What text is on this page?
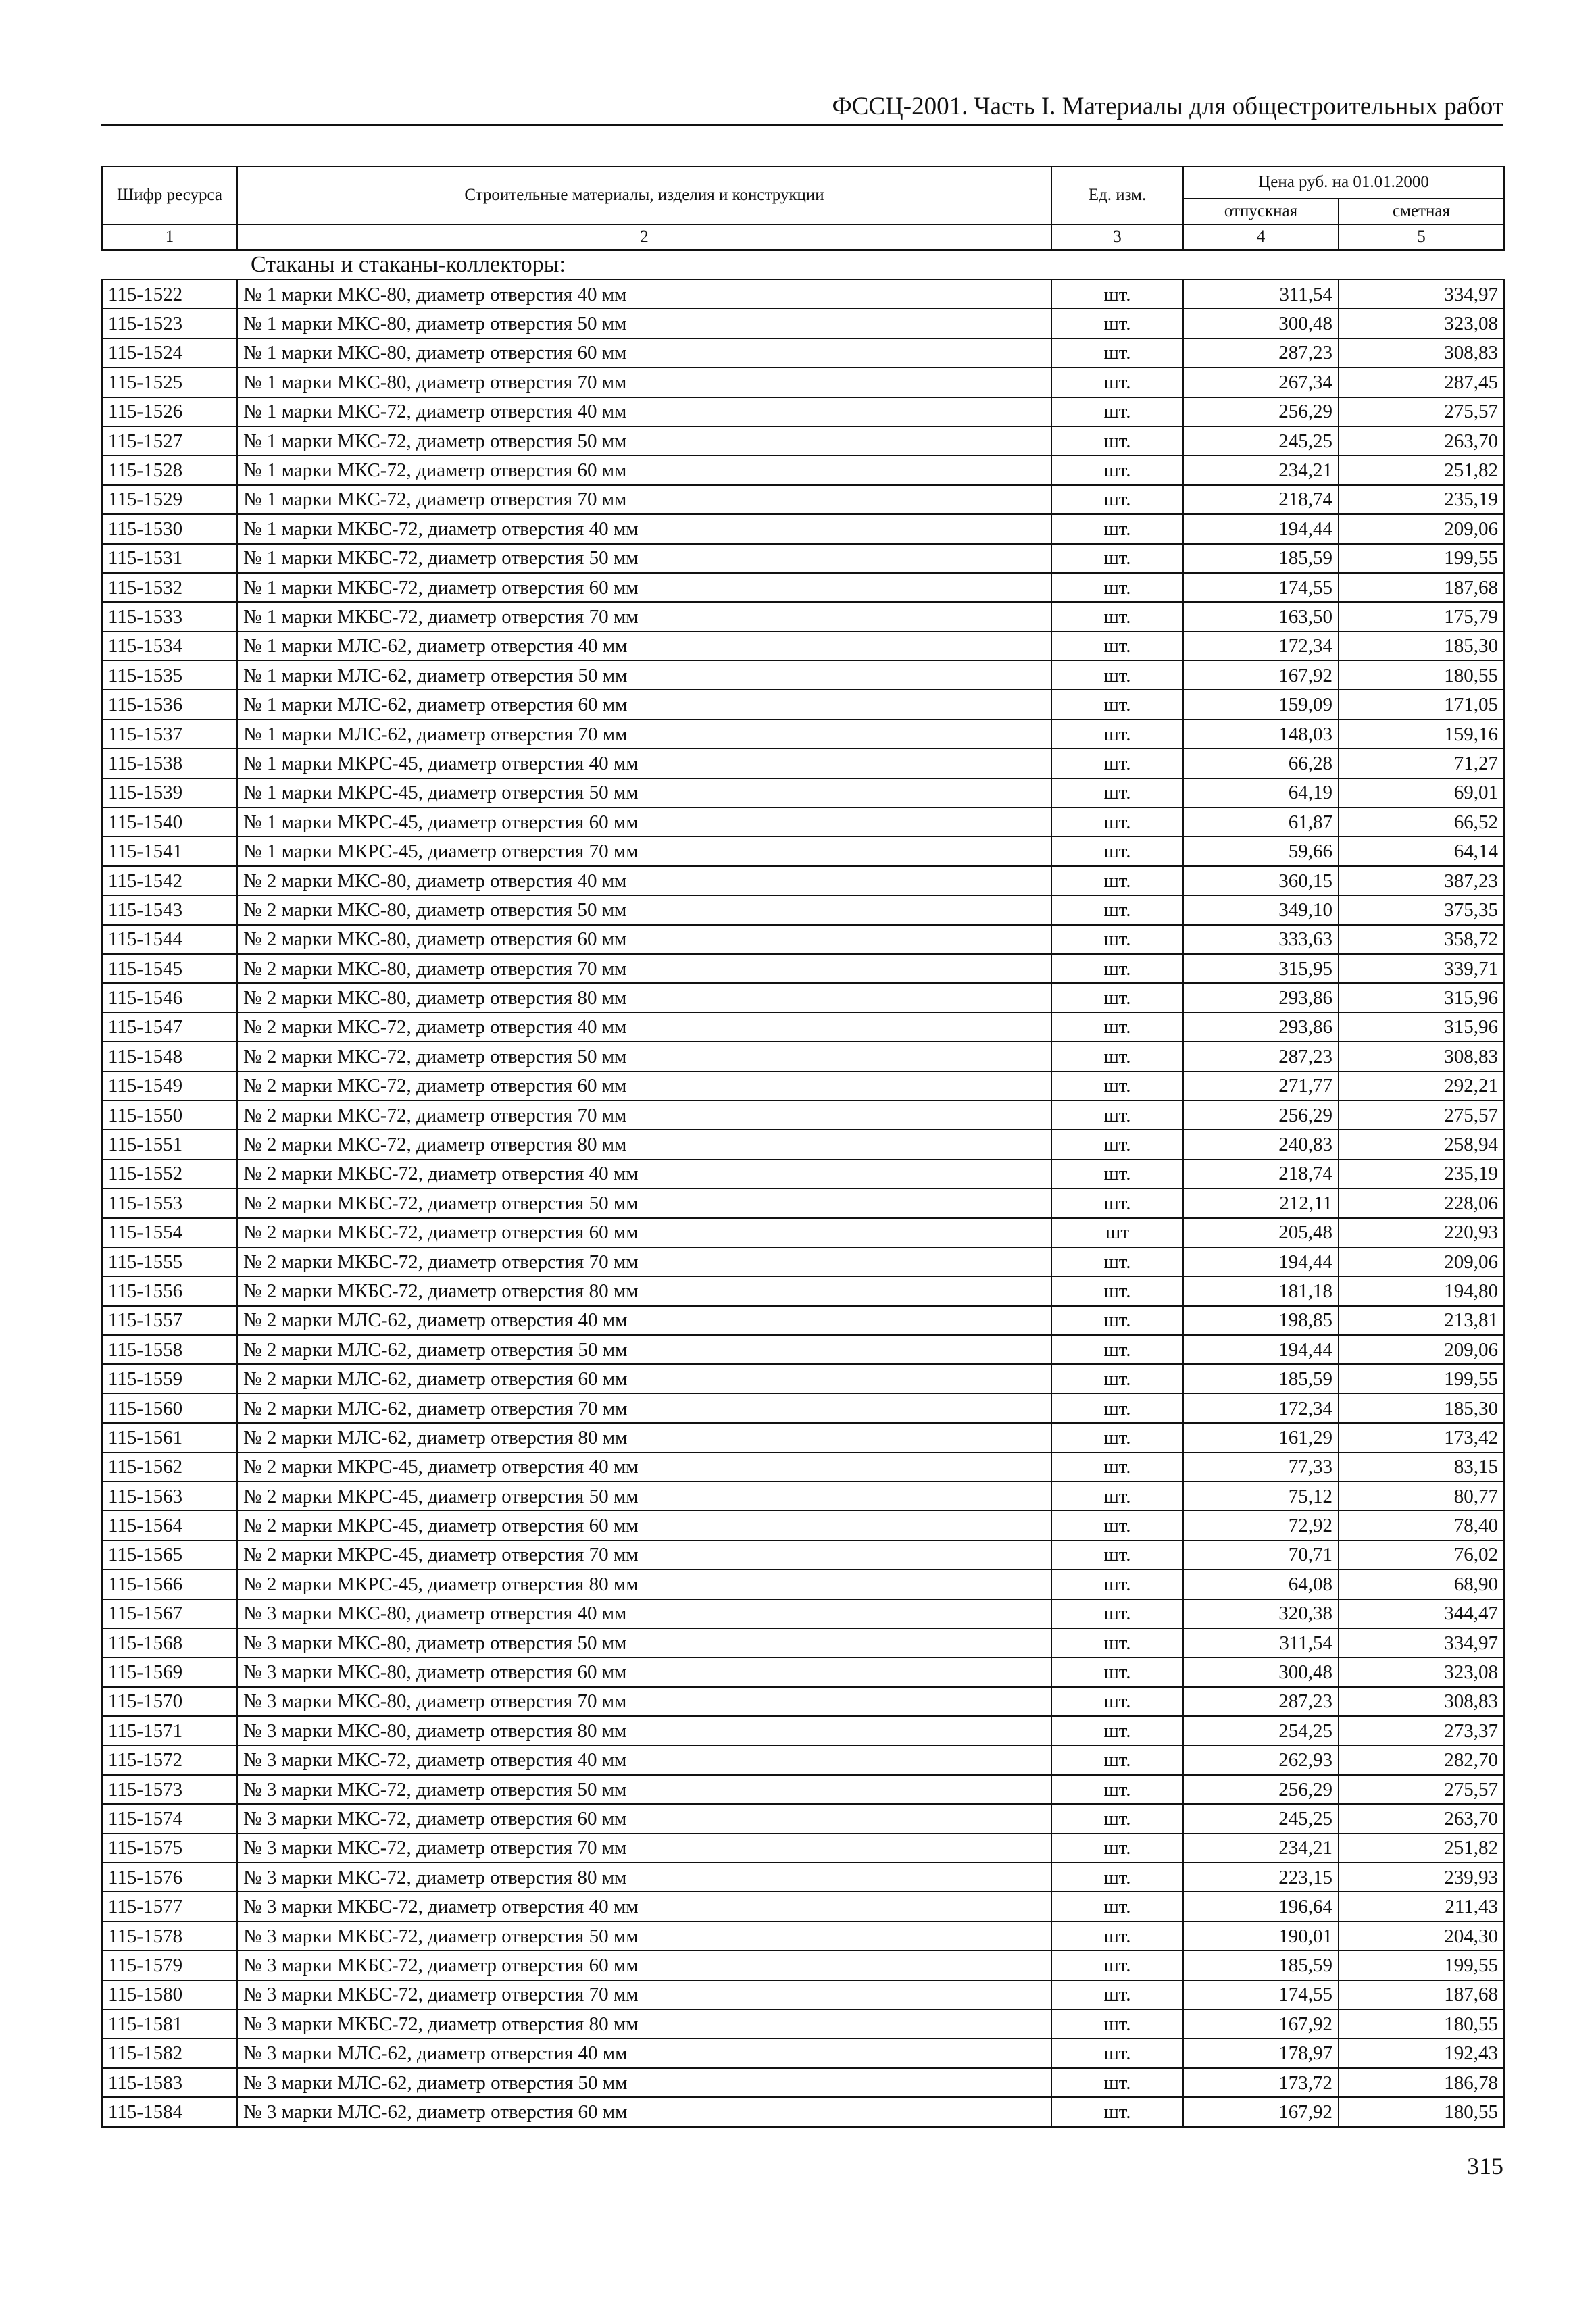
ФССЦ-2001. Часть I. Материалы для общестроительных работ
Шифр ресурса	Строительные материалы, изделия и конструкции	Ед. изм.	Цена руб. на 01.01.2000	
			отпускная	сметная
1	2	3	4	5
Стаканы и стаканы-коллекторы:				
115-1522	№ 1 марки МКС-80, диаметр отверстия 40 мм	шт.	311,54	334,97
115-1523	№ 1 марки МКС-80, диаметр отверстия 50 мм	шт.	300,48	323,08
115-1524	№ 1 марки МКС-80, диаметр отверстия 60 мм	шт.	287,23	308,83
115-1525	№ 1 марки МКС-80, диаметр отверстия 70 мм	шт.	267,34	287,45
115-1526	№ 1 марки МКС-72, диаметр отверстия 40 мм	шт.	256,29	275,57
115-1527	№ 1 марки МКС-72, диаметр отверстия 50 мм	шт.	245,25	263,70
115-1528	№ 1 марки МКС-72, диаметр отверстия 60 мм	шт.	234,21	251,82
115-1529	№ 1 марки МКС-72, диаметр отверстия 70 мм	шт.	218,74	235,19
115-1530	№ 1 марки МКБС-72, диаметр отверстия 40 мм	шт.	194,44	209,06
115-1531	№ 1 марки МКБС-72, диаметр отверстия 50 мм	шт.	185,59	199,55
115-1532	№ 1 марки МКБС-72, диаметр отверстия 60 мм	шт.	174,55	187,68
115-1533	№ 1 марки МКБС-72, диаметр отверстия 70 мм	шт.	163,50	175,79
115-1534	№ 1 марки МЛС-62, диаметр отверстия 40 мм	шт.	172,34	185,30
115-1535	№ 1 марки МЛС-62, диаметр отверстия 50 мм	шт.	167,92	180,55
115-1536	№ 1 марки МЛС-62, диаметр отверстия 60 мм	шт.	159,09	171,05
115-1537	№ 1 марки МЛС-62, диаметр отверстия 70 мм	шт.	148,03	159,16
115-1538	№ 1 марки МКРС-45, диаметр отверстия 40 мм	шт.	66,28	71,27
115-1539	№ 1 марки МКРС-45, диаметр отверстия 50 мм	шт.	64,19	69,01
115-1540	№ 1 марки МКРС-45, диаметр отверстия 60 мм	шт.	61,87	66,52
115-1541	№ 1 марки МКРС-45, диаметр отверстия 70 мм	шт.	59,66	64,14
115-1542	№ 2 марки МКС-80, диаметр отверстия 40 мм	шт.	360,15	387,23
115-1543	№ 2 марки МКС-80, диаметр отверстия 50 мм	шт.	349,10	375,35
115-1544	№ 2 марки МКС-80, диаметр отверстия 60 мм	шт.	333,63	358,72
115-1545	№ 2 марки МКС-80, диаметр отверстия 70 мм	шт.	315,95	339,71
115-1546	№ 2 марки МКС-80, диаметр отверстия 80 мм	шт.	293,86	315,96
115-1547	№ 2 марки МКС-72, диаметр отверстия 40 мм	шт.	293,86	315,96
115-1548	№ 2 марки МКС-72, диаметр отверстия 50 мм	шт.	287,23	308,83
115-1549	№ 2 марки МКС-72, диаметр отверстия 60 мм	шт.	271,77	292,21
115-1550	№ 2 марки МКС-72, диаметр отверстия 70 мм	шт.	256,29	275,57
115-1551	№ 2 марки МКС-72, диаметр отверстия 80 мм	шт.	240,83	258,94
115-1552	№ 2 марки МКБС-72, диаметр отверстия 40 мм	шт.	218,74	235,19
115-1553	№ 2 марки МКБС-72, диаметр отверстия 50 мм	шт.	212,11	228,06
115-1554	№ 2 марки МКБС-72, диаметр отверстия 60 мм	шт	205,48	220,93
115-1555	№ 2 марки МКБС-72, диаметр отверстия 70 мм	шт.	194,44	209,06
115-1556	№ 2 марки МКБС-72, диаметр отверстия 80 мм	шт.	181,18	194,80
115-1557	№ 2 марки МЛС-62, диаметр отверстия 40 мм	шт.	198,85	213,81
115-1558	№ 2 марки МЛС-62, диаметр отверстия 50 мм	шт.	194,44	209,06
115-1559	№ 2 марки МЛС-62, диаметр отверстия 60 мм	шт.	185,59	199,55
115-1560	№ 2 марки МЛС-62, диаметр отверстия 70 мм	шт.	172,34	185,30
115-1561	№ 2 марки МЛС-62, диаметр отверстия 80 мм	шт.	161,29	173,42
115-1562	№ 2 марки МКРС-45, диаметр отверстия 40 мм	шт.	77,33	83,15
115-1563	№ 2 марки МКРС-45, диаметр отверстия 50 мм	шт.	75,12	80,77
115-1564	№ 2 марки МКРС-45, диаметр отверстия 60 мм	шт.	72,92	78,40
115-1565	№ 2 марки МКРС-45, диаметр отверстия 70 мм	шт.	70,71	76,02
115-1566	№ 2 марки МКРС-45, диаметр отверстия 80 мм	шт.	64,08	68,90
115-1567	№ 3 марки МКС-80, диаметр отверстия 40 мм	шт.	320,38	344,47
115-1568	№ 3 марки МКС-80, диаметр отверстия 50 мм	шт.	311,54	334,97
115-1569	№ 3 марки МКС-80, диаметр отверстия 60 мм	шт.	300,48	323,08
115-1570	№ 3 марки МКС-80, диаметр отверстия 70 мм	шт.	287,23	308,83
115-1571	№ 3 марки МКС-80, диаметр отверстия 80 мм	шт.	254,25	273,37
115-1572	№ 3 марки МКС-72, диаметр отверстия 40 мм	шт.	262,93	282,70
115-1573	№ 3 марки МКС-72, диаметр отверстия 50 мм	шт.	256,29	275,57
115-1574	№ 3 марки МКС-72, диаметр отверстия 60 мм	шт.	245,25	263,70
115-1575	№ 3 марки МКС-72, диаметр отверстия 70 мм	шт.	234,21	251,82
115-1576	№ 3 марки МКС-72, диаметр отверстия 80 мм	шт.	223,15	239,93
115-1577	№ 3 марки МКБС-72, диаметр отверстия 40 мм	шт.	196,64	211,43
115-1578	№ 3 марки МКБС-72, диаметр отверстия 50 мм	шт.	190,01	204,30
115-1579	№ 3 марки МКБС-72, диаметр отверстия 60 мм	шт.	185,59	199,55
115-1580	№ 3 марки МКБС-72, диаметр отверстия 70 мм	шт.	174,55	187,68
115-1581	№ 3 марки МКБС-72, диаметр отверстия 80 мм	шт.	167,92	180,55
115-1582	№ 3 марки МЛС-62, диаметр отверстия 40 мм	шт.	178,97	192,43
115-1583	№ 3 марки МЛС-62, диаметр отверстия 50 мм	шт.	173,72	186,78
115-1584	№ 3 марки МЛС-62, диаметр отверстия 60 мм	шт.	167,92	180,55
315
